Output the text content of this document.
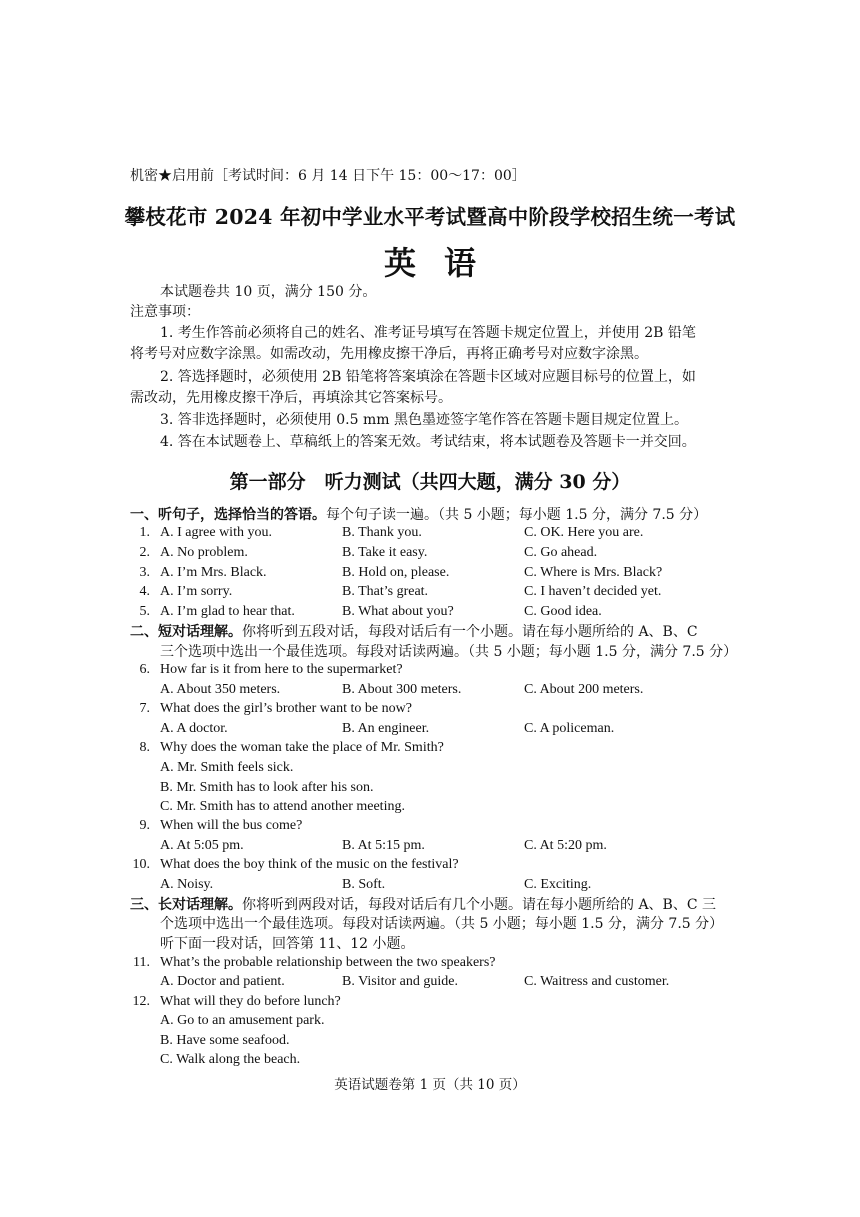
机密★启用前［考试时间：6 月 14 日下午 15：00～17：00］
攀枝花市 2024 年初中学业水平考试暨高中阶段学校招生统一考试
英语
本试题卷共 10 页，满分 150 分。
注意事项：
1. 考生作答前必须将自己的姓名、准考证号填写在答题卡规定位置上，并使用 2B 铅笔
将考号对应数字涂黑。如需改动，先用橡皮擦干净后，再将正确考号对应数字涂黑。
2. 答选择题时，必须使用 2B 铅笔将答案填涂在答题卡区域对应题目标号的位置上，如
需改动，先用橡皮擦干净后，再填涂其它答案标号。
3. 答非选择题时，必须使用 0.5 mm 黑色墨迹签字笔作答在答题卡题目规定位置上。
4. 答在本试题卷上、草稿纸上的答案无效。考试结束，将本试题卷及答题卡一并交回。
第一部分　听力测试（共四大题，满分 30 分）
一、听句子，选择恰当的答语。每个句子读一遍。（共 5 小题；每小题 1.5 分，满分 7.5 分）
1. A. I agree with you.	B. Thank you.	C. OK. Here you are.
2. A. No problem.	B. Take it easy.	C. Go ahead.
3. A. I’m Mrs. Black.	B. Hold on, please.	C. Where is Mrs. Black?
4. A. I’m sorry.	B. That’s great.	C. I haven’t decided yet.
5. A. I’m glad to hear that.	B. What about you?	C. Good idea.
二、短对话理解。你将听到五段对话，每段对话后有一个小题。请在每小题所给的 A、B、C
三个选项中选出一个最佳选项。每段对话读两遍。（共 5 小题；每小题 1.5 分，满分 7.5 分）
6. How far is it from here to the supermarket?
A. About 350 meters.	B. About 300 meters.	C. About 200 meters.
7. What does the girl’s brother want to be now?
A. A doctor.	B. An engineer.	C. A policeman.
8. Why does the woman take the place of Mr. Smith?
A. Mr. Smith feels sick.
B. Mr. Smith has to look after his son.
C. Mr. Smith has to attend another meeting.
9. When will the bus come?
A. At 5:05 pm.	B. At 5:15 pm.	C. At 5:20 pm.
10. What does the boy think of the music on the festival?
A. Noisy.	B. Soft.	C. Exciting.
三、长对话理解。你将听到两段对话，每段对话后有几个小题。请在每小题所给的 A、B、C 三
个选项中选出一个最佳选项。每段对话读两遍。（共 5 小题；每小题 1.5 分，满分 7.5 分）
听下面一段对话，回答第 11、12 小题。
11. What’s the probable relationship between the two speakers?
A. Doctor and patient.	B. Visitor and guide.	C. Waitress and customer.
12. What will they do before lunch?
A. Go to an amusement park.
B. Have some seafood.
C. Walk along the beach.
英语试题卷第 1 页（共 10 页）
